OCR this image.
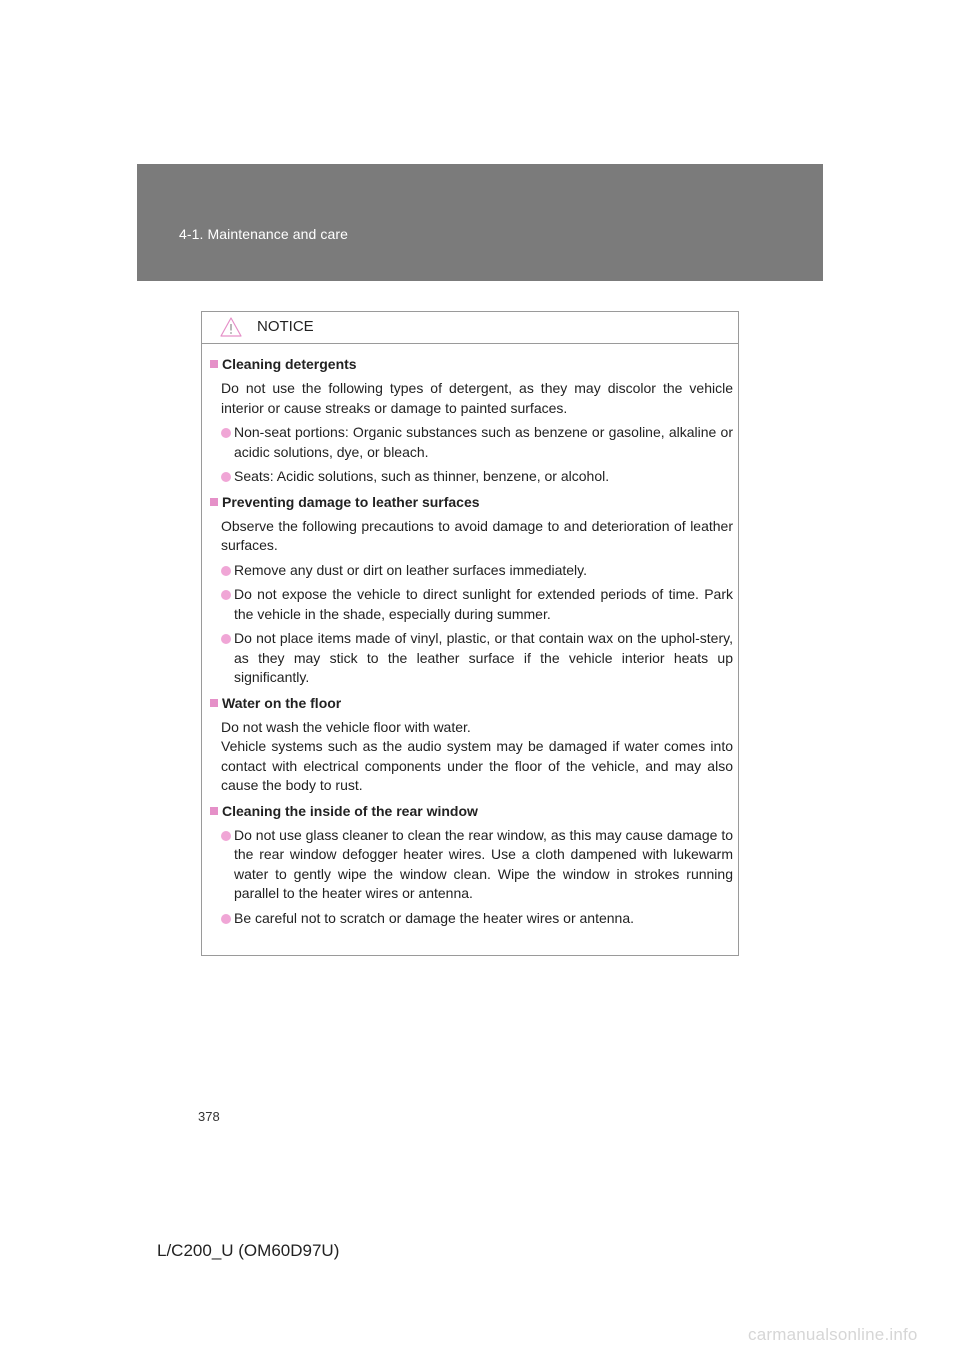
4-1. Maintenance and care
NOTICE
Cleaning detergents
Do not use the following types of detergent, as they may discolor the vehicle interior or cause streaks or damage to painted surfaces.
Non-seat portions: Organic substances such as benzene or gasoline, alkaline or acidic solutions, dye, or bleach.
Seats: Acidic solutions, such as thinner, benzene, or alcohol.
Preventing damage to leather surfaces
Observe the following precautions to avoid damage to and deterioration of leather surfaces.
Remove any dust or dirt on leather surfaces immediately.
Do not expose the vehicle to direct sunlight for extended periods of time. Park the vehicle in the shade, especially during summer.
Do not place items made of vinyl, plastic, or that contain wax on the uphol-stery, as they may stick to the leather surface if the vehicle interior heats up significantly.
Water on the floor
Do not wash the vehicle floor with water.
Vehicle systems such as the audio system may be damaged if water comes into contact with electrical components under the floor of the vehicle, and may also cause the body to rust.
Cleaning the inside of the rear window
Do not use glass cleaner to clean the rear window, as this may cause damage to the rear window defogger heater wires. Use a cloth dampened with lukewarm water to gently wipe the window clean. Wipe the window in strokes running parallel to the heater wires or antenna.
Be careful not to scratch or damage the heater wires or antenna.
378
L/C200_U (OM60D97U)
carmanualsonline.info
